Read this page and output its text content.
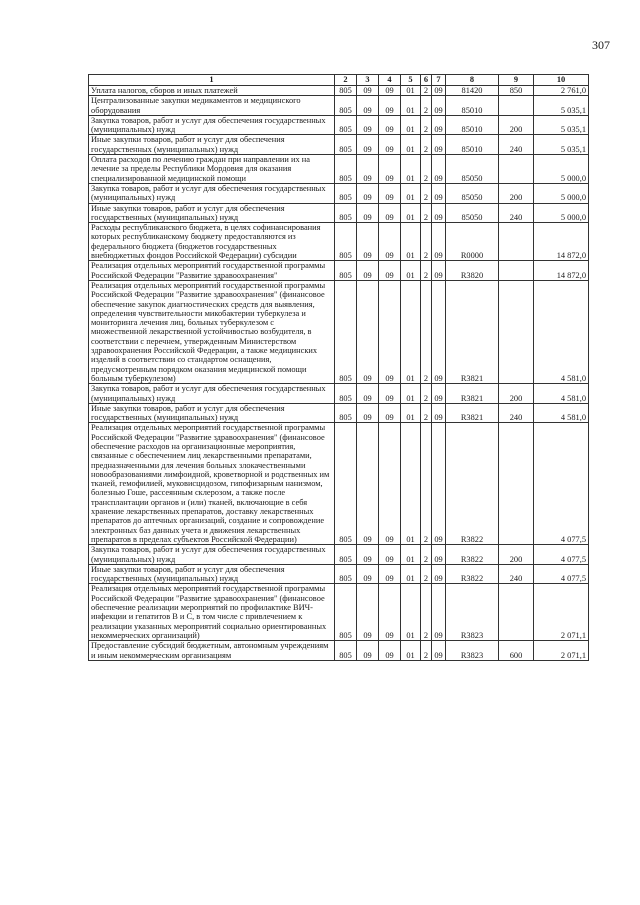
307
1	2	3	4	5	6	7	8	9	10
Уплата налогов, сборов и иных платежей	805	09	09	01	2	09	81420	850	2 761,0
Централизованные закупки медикаментов и медицинского оборудования	805	09	09	01	2	09	85010		5 035,1
Закупка товаров, работ и услуг для обеспечения государственных (муниципальных) нужд	805	09	09	01	2	09	85010	200	5 035,1
Иные закупки товаров, работ и услуг для обеспечения государственных (муниципальных) нужд	805	09	09	01	2	09	85010	240	5 035,1
Оплата расходов по лечению граждан при направлении их на лечение за пределы Республики Мордовия для оказания специализированной медицинской помощи	805	09	09	01	2	09	85050		5 000,0
Закупка товаров, работ и услуг для обеспечения государственных (муниципальных) нужд	805	09	09	01	2	09	85050	200	5 000,0
Иные закупки товаров, работ и услуг для обеспечения государственных (муниципальных) нужд	805	09	09	01	2	09	85050	240	5 000,0
Расходы республиканского бюджета, в целях софинансирования которых республиканскому бюджету предоставляются из федерального бюджета (бюджетов государственных внебюджетных фондов Российской Федерации) субсидии	805	09	09	01	2	09	R0000		14 872,0
Реализация отдельных мероприятий государственной программы Российской Федерации "Развитие здравоохранения"	805	09	09	01	2	09	R3820		14 872,0
Реализация отдельных мероприятий государственной программы Российской Федерации "Развитие здравоохранения" (финансовое обеспечение закупок диагностических средств для выявления, определения чувствительности микобактерии туберкулеза и мониторинга лечения лиц, больных туберкулезом с множественной лекарственной устойчивостью возбудителя, в соответствии с перечнем, утвержденным Министерством здравоохранения Российской Федерации, а также медицинских изделий в соответствии со стандартом оснащения, предусмотренным порядком оказания медицинской помощи больным туберкулезом)	805	09	09	01	2	09	R3821		4 581,0
Закупка товаров, работ и услуг для обеспечения государственных (муниципальных) нужд	805	09	09	01	2	09	R3821	200	4 581,0
Иные закупки товаров, работ и услуг для обеспечения государственных (муниципальных) нужд	805	09	09	01	2	09	R3821	240	4 581,0
Реализация отдельных мероприятий государственной программы Российской Федерации "Развитие здравоохранения" (финансовое обеспечение расходов на организационные мероприятия, связанные с обеспечением лиц лекарственными препаратами, предназначенными для лечения больных злокачественными новообразованиями лимфоидной, кроветворной и родственных им тканей, гемофилией, муковисцидозом, гипофизарным нанизмом, болезнью Гоше, рассеянным склерозом, а также после трансплантации органов и (или) тканей, включающие в себя хранение лекарственных препаратов, доставку лекарственных препаратов до аптечных организаций, создание и сопровождение электронных баз данных учета и движения лекарственных препаратов в пределах субъектов Российской Федерации)	805	09	09	01	2	09	R3822		4 077,5
Закупка товаров, работ и услуг для обеспечения государственных (муниципальных) нужд	805	09	09	01	2	09	R3822	200	4 077,5
Иные закупки товаров, работ и услуг для обеспечения государственных (муниципальных) нужд	805	09	09	01	2	09	R3822	240	4 077,5
Реализация отдельных мероприятий государственной программы Российской Федерации "Развитие здравоохранения" (финансовое обеспечение реализации мероприятий по профилактике ВИЧ-инфекции и гепатитов B и C, в том числе с привлечением к реализации указанных мероприятий социально ориентированных некоммерческих организаций)	805	09	09	01	2	09	R3823		2 071,1
Предоставление субсидий бюджетным, автономным учреждениям и иным некоммерческим организациям	805	09	09	01	2	09	R3823	600	2 071,1
